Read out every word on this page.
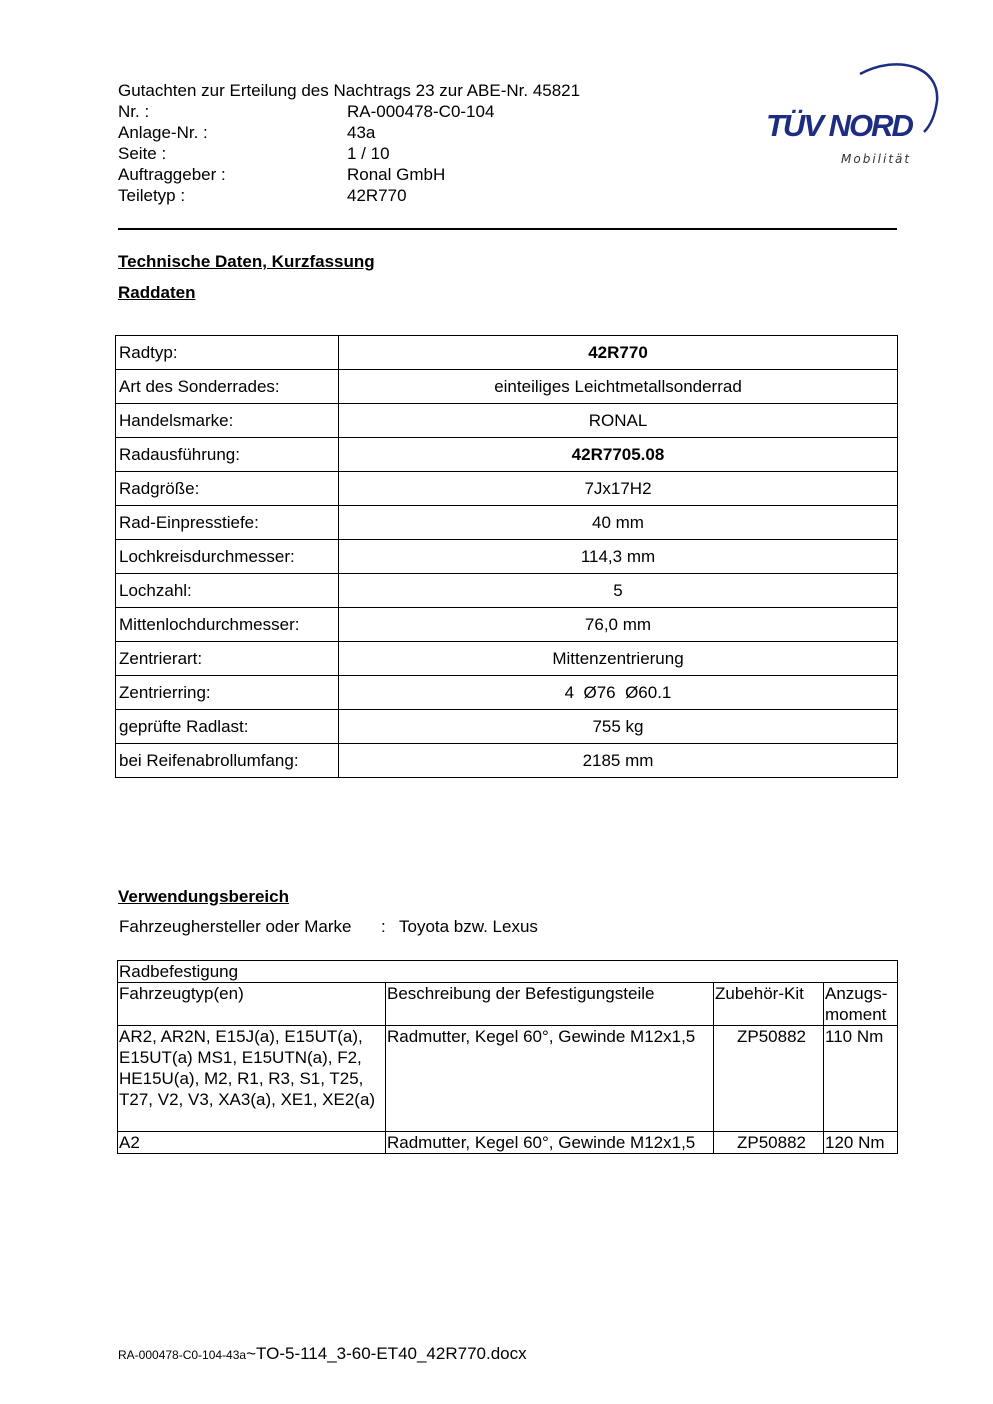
Gutachten zur Erteilung des Nachtrags 23 zur ABE-Nr. 45821
Nr. :	RA-000478-C0-104
Anlage-Nr. :	43a
Seite :	1 / 10
Auftraggeber :	Ronal GmbH
Teiletyp :	42R770
TÜV NORD
Mobilität
Technische Daten, Kurzfassung
Raddaten
Radtyp:	42R770
Art des Sonderrades:	einteiliges Leichtmetallsonderrad
Handelsmarke:	RONAL
Radausführung:	42R7705.08
Radgröße:	7Jx17H2
Rad-Einpresstiefe:	40 mm
Lochkreisdurchmesser:	114,3 mm
Lochzahl:	5
Mittenlochdurchmesser:	76,0 mm
Zentrierart:	Mittenzentrierung
Zentrierring:	4  Ø76  Ø60.1
geprüfte Radlast:	755 kg
bei Reifenabrollumfang:	2185 mm
Verwendungsbereich
Fahrzeughersteller oder Marke	: Toyota bzw. Lexus
Radbefestigung			
Fahrzeugtyp(en)	Beschreibung der Befestigungsteile	Zubehör-Kit	Anzugs-
moment
AR2, AR2N, E15J(a), E15UT(a), E15UT(a) MS1, E15UTN(a), F2, HE15U(a), M2, R1, R3, S1, T25, T27, V2, V3, XA3(a), XE1, XE2(a)	Radmutter, Kegel 60°, Gewinde M12x1,5	ZP50882	110 Nm
A2	Radmutter, Kegel 60°, Gewinde M12x1,5	ZP50882	120 Nm
RA-000478-C0-104-43a~TO-5-114_3-60-ET40_42R770.docx
